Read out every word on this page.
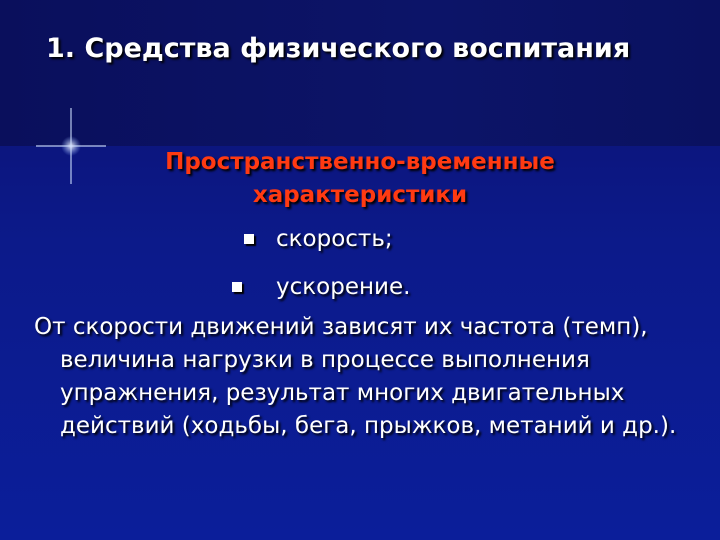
1. Средства физического воспитания
Пространственно-временные характеристики
скорость;
ускорение.

От скорости движений зависят их частота (темп), величина нагрузки в процессе выполнения упражнения, результат многих двигательных действий (ходьбы, бега, прыжков, метаний и др.).
